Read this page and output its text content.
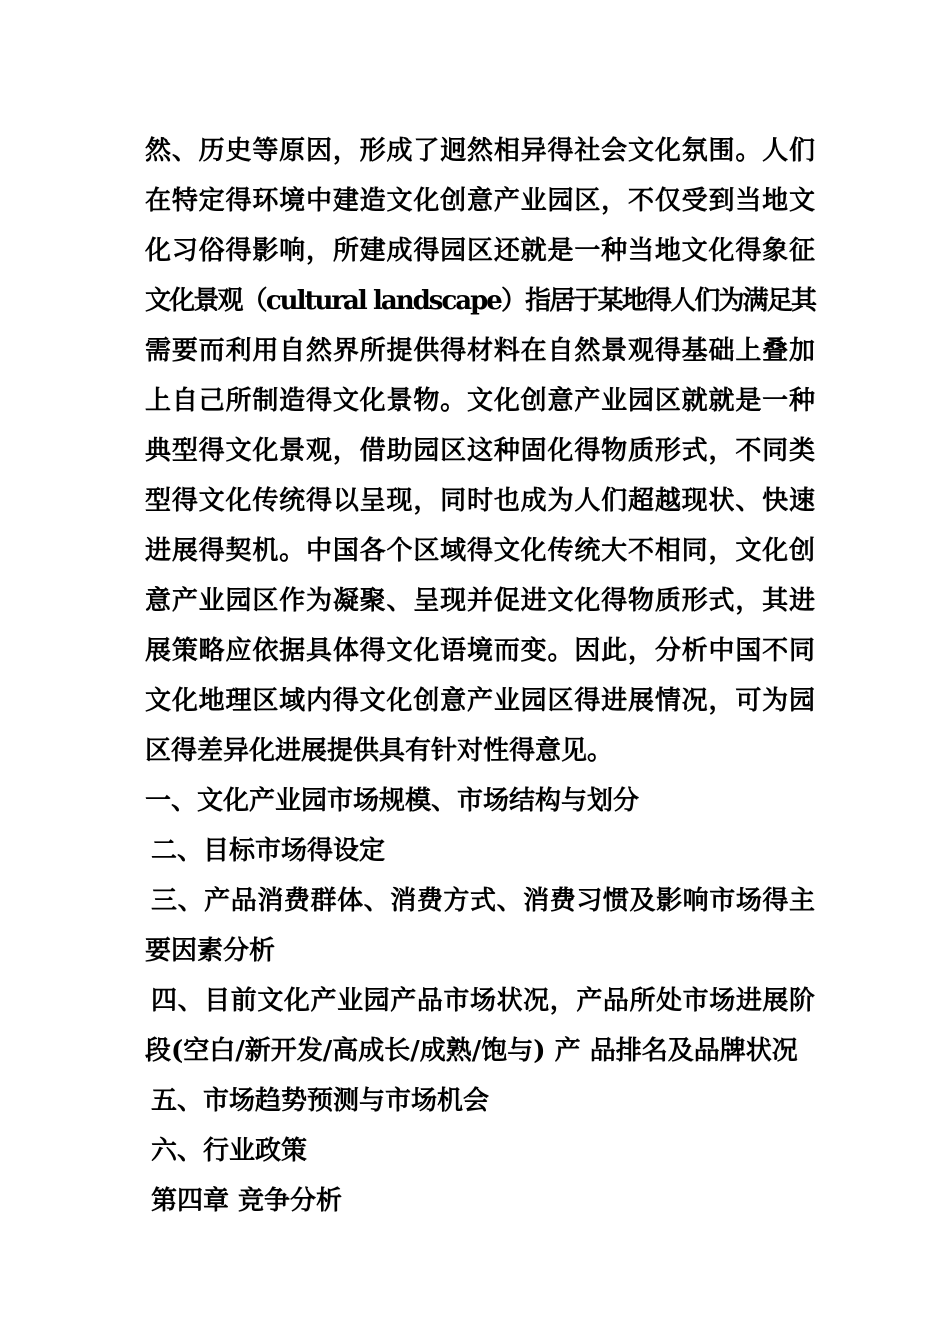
然、历史等原因，形成了迥然相异得社会文化氛围。人们
在特定得环境中建造文化创意产业园区，不仅受到当地文
化习俗得影响，所建成得园区还就是一种当地文化得象征
文化景观（cultural landscape）指居于某地得人们为满足其
需要而利用自然界所提供得材料在自然景观得基础上叠加
上自己所制造得文化景物。文化创意产业园区就就是一种
典型得文化景观，借助园区这种固化得物质形式，不同类
型得文化传统得以呈现，同时也成为人们超越现状、快速
进展得契机。中国各个区域得文化传统大不相同，文化创
意产业园区作为凝聚、呈现并促进文化得物质形式，其进
展策略应依据具体得文化语境而变。因此，分析中国不同
文化地理区域内得文化创意产业园区得进展情况，可为园
区得差异化进展提供具有针对性得意见。
一、文化产业园市场规模、市场结构与划分
二、目标市场得设定
三、产品消费群体、消费方式、消费习惯及影响市场得主
要因素分析
四、目前文化产业园产品市场状况，产品所处市场进展阶
段(空白/新开发/高成长/成熟/饱与) 产 品排名及品牌状况
五、市场趋势预测与市场机会
六、行业政策
第四章 竞争分析
